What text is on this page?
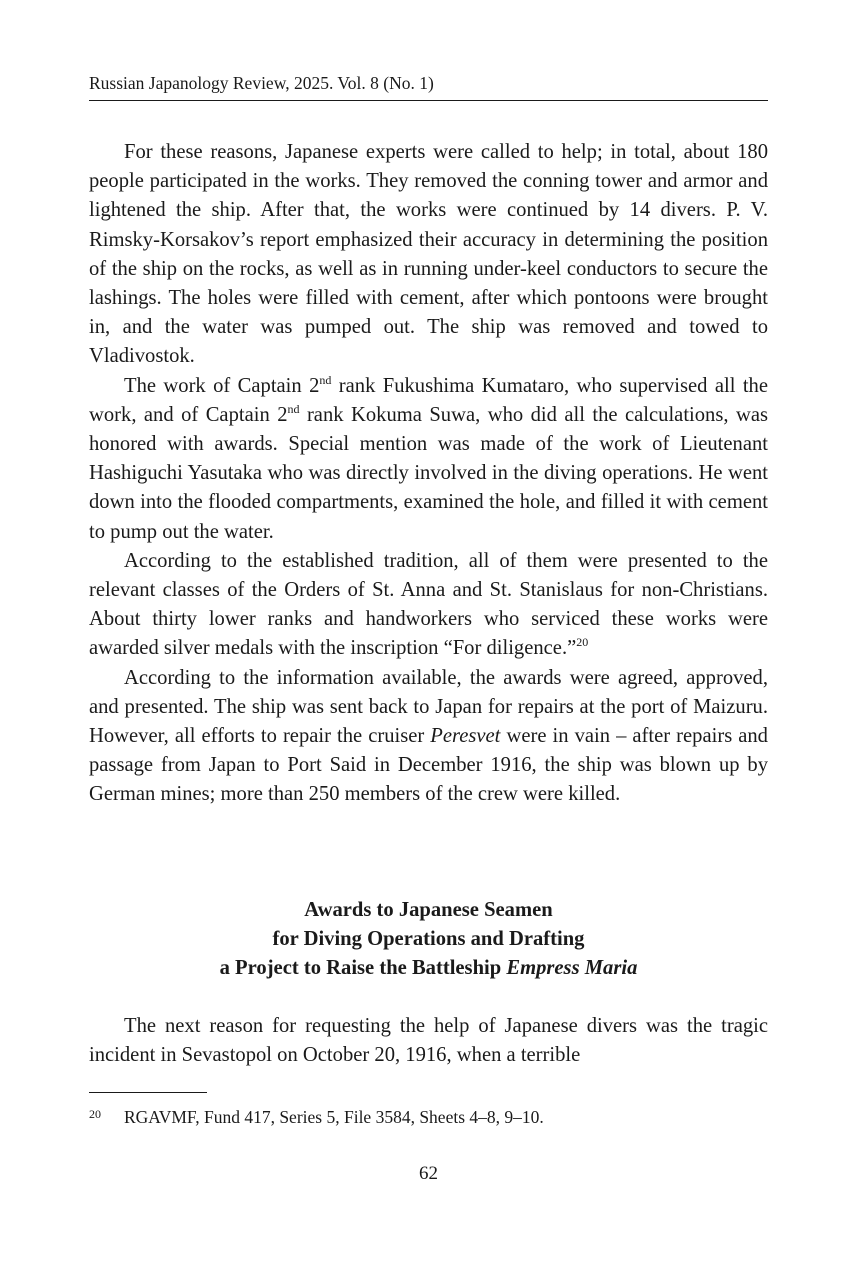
Russian Japanology Review, 2025. Vol. 8 (No. 1)

For these reasons, Japanese experts were called to help; in total, about 180 people participated in the works. They removed the conning tower and armor and lightened the ship. After that, the works were continued by 14 divers. P. V. Rimsky-Korsakov’s report emphasized their accuracy in determining the position of the ship on the rocks, as well as in running under-keel conductors to secure the lashings. The holes were filled with cement, after which pontoons were brought in, and the water was pumped out. The ship was removed and towed to Vladivostok.

The work of Captain 2nd rank Fukushima Kumataro, who supervised all the work, and of Captain 2nd rank Kokuma Suwa, who did all the calculations, was honored with awards. Special mention was made of the work of Lieutenant Hashiguchi Yasutaka who was directly involved in the diving operations. He went down into the flooded compartments, examined the hole, and filled it with cement to pump out the water.

According to the established tradition, all of them were presented to the relevant classes of the Orders of St. Anna and St. Stanislaus for non-Christians. About thirty lower ranks and handworkers who serviced these works were awarded silver medals with the inscription “For diligence.”$^{20}$

According to the information available, the awards were agreed, approved, and presented. The ship was sent back to Japan for repairs at the port of Maizuru. However, all efforts to repair the cruiser Peresvet were in vain – after repairs and passage from Japan to Port Said in December 1916, the ship was blown up by German mines; more than 250 members of the crew were killed.

Awards to Japanese Seamen
for Diving Operations and Drafting
a Project to Raise the Battleship Empress Maria

The next reason for requesting the help of Japanese divers was the tragic incident in Sevastopol on October 20, 1916, when a terrible

20 RGAVMF, Fund 417, Series 5, File 3584, Sheets 4–8, 9–10.
62
